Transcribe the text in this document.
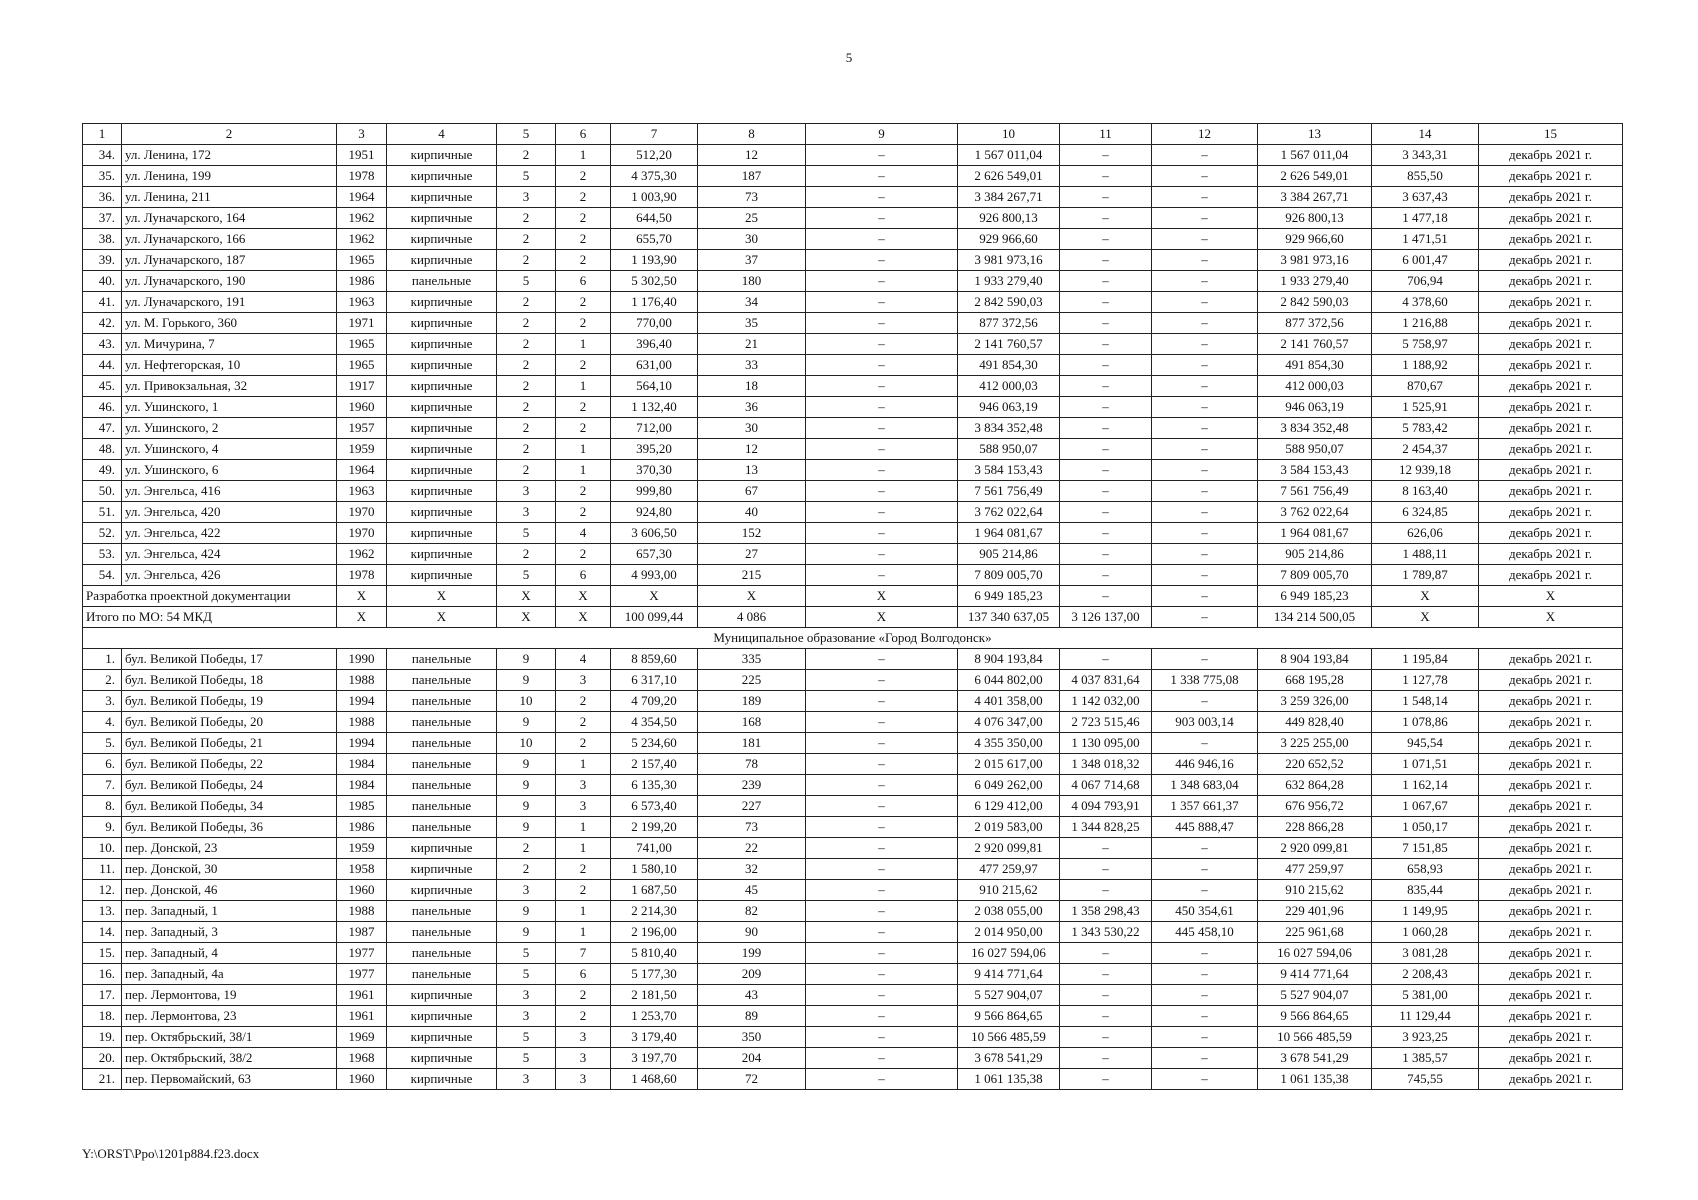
5
1	2	3	4	5	6	7	8	9	10	11	12	13	14	15
34.	ул. Ленина, 172	1951	кирпичные	2	1	512,20	12	–	1 567 011,04	–	–	1 567 011,04	3 343,31	декабрь 2021 г.
35.	ул. Ленина, 199	1978	кирпичные	5	2	4 375,30	187	–	2 626 549,01	–	–	2 626 549,01	855,50	декабрь 2021 г.
36.	ул. Ленина, 211	1964	кирпичные	3	2	1 003,90	73	–	3 384 267,71	–	–	3 384 267,71	3 637,43	декабрь 2021 г.
37.	ул. Луначарского, 164	1962	кирпичные	2	2	644,50	25	–	926 800,13	–	–	926 800,13	1 477,18	декабрь 2021 г.
38.	ул. Луначарского, 166	1962	кирпичные	2	2	655,70	30	–	929 966,60	–	–	929 966,60	1 471,51	декабрь 2021 г.
39.	ул. Луначарского, 187	1965	кирпичные	2	2	1 193,90	37	–	3 981 973,16	–	–	3 981 973,16	6 001,47	декабрь 2021 г.
40.	ул. Луначарского, 190	1986	панельные	5	6	5 302,50	180	–	1 933 279,40	–	–	1 933 279,40	706,94	декабрь 2021 г.
41.	ул. Луначарского, 191	1963	кирпичные	2	2	1 176,40	34	–	2 842 590,03	–	–	2 842 590,03	4 378,60	декабрь 2021 г.
42.	ул. М. Горького, 360	1971	кирпичные	2	2	770,00	35	–	877 372,56	–	–	877 372,56	1 216,88	декабрь 2021 г.
43.	ул. Мичурина, 7	1965	кирпичные	2	1	396,40	21	–	2 141 760,57	–	–	2 141 760,57	5 758,97	декабрь 2021 г.
44.	ул. Нефтегорская, 10	1965	кирпичные	2	2	631,00	33	–	491 854,30	–	–	491 854,30	1 188,92	декабрь 2021 г.
45.	ул. Привокзальная, 32	1917	кирпичные	2	1	564,10	18	–	412 000,03	–	–	412 000,03	870,67	декабрь 2021 г.
46.	ул. Ушинского, 1	1960	кирпичные	2	2	1 132,40	36	–	946 063,19	–	–	946 063,19	1 525,91	декабрь 2021 г.
47.	ул. Ушинского, 2	1957	кирпичные	2	2	712,00	30	–	3 834 352,48	–	–	3 834 352,48	5 783,42	декабрь 2021 г.
48.	ул. Ушинского, 4	1959	кирпичные	2	1	395,20	12	–	588 950,07	–	–	588 950,07	2 454,37	декабрь 2021 г.
49.	ул. Ушинского, 6	1964	кирпичные	2	1	370,30	13	–	3 584 153,43	–	–	3 584 153,43	12 939,18	декабрь 2021 г.
50.	ул. Энгельса, 416	1963	кирпичные	3	2	999,80	67	–	7 561 756,49	–	–	7 561 756,49	8 163,40	декабрь 2021 г.
51.	ул. Энгельса, 420	1970	кирпичные	3	2	924,80	40	–	3 762 022,64	–	–	3 762 022,64	6 324,85	декабрь 2021 г.
52.	ул. Энгельса, 422	1970	кирпичные	5	4	3 606,50	152	–	1 964 081,67	–	–	1 964 081,67	626,06	декабрь 2021 г.
53.	ул. Энгельса, 424	1962	кирпичные	2	2	657,30	27	–	905 214,86	–	–	905 214,86	1 488,11	декабрь 2021 г.
54.	ул. Энгельса, 426	1978	кирпичные	5	6	4 993,00	215	–	7 809 005,70	–	–	7 809 005,70	1 789,87	декабрь 2021 г.
Разработка проектной документации		X	X	X	X	X	X	X	6 949 185,23	–	–	6 949 185,23	X	X
Итого по МО: 54 МКД		X	X	X	X	100 099,44	4 086	X	137 340 637,05	3 126 137,00	–	134 214 500,05	X	X
Муниципальное образование «Город Волгодонск»														
1.	бул. Великой Победы, 17	1990	панельные	9	4	8 859,60	335	–	8 904 193,84	–	–	8 904 193,84	1 195,84	декабрь 2021 г.
2.	бул. Великой Победы, 18	1988	панельные	9	3	6 317,10	225	–	6 044 802,00	4 037 831,64	1 338 775,08	668 195,28	1 127,78	декабрь 2021 г.
3.	бул. Великой Победы, 19	1994	панельные	10	2	4 709,20	189	–	4 401 358,00	1 142 032,00	–	3 259 326,00	1 548,14	декабрь 2021 г.
4.	бул. Великой Победы, 20	1988	панельные	9	2	4 354,50	168	–	4 076 347,00	2 723 515,46	903 003,14	449 828,40	1 078,86	декабрь 2021 г.
5.	бул. Великой Победы, 21	1994	панельные	10	2	5 234,60	181	–	4 355 350,00	1 130 095,00	–	3 225 255,00	945,54	декабрь 2021 г.
6.	бул. Великой Победы, 22	1984	панельные	9	1	2 157,40	78	–	2 015 617,00	1 348 018,32	446 946,16	220 652,52	1 071,51	декабрь 2021 г.
7.	бул. Великой Победы, 24	1984	панельные	9	3	6 135,30	239	–	6 049 262,00	4 067 714,68	1 348 683,04	632 864,28	1 162,14	декабрь 2021 г.
8.	бул. Великой Победы, 34	1985	панельные	9	3	6 573,40	227	–	6 129 412,00	4 094 793,91	1 357 661,37	676 956,72	1 067,67	декабрь 2021 г.
9.	бул. Великой Победы, 36	1986	панельные	9	1	2 199,20	73	–	2 019 583,00	1 344 828,25	445 888,47	228 866,28	1 050,17	декабрь 2021 г.
10.	пер. Донской, 23	1959	кирпичные	2	1	741,00	22	–	2 920 099,81	–	–	2 920 099,81	7 151,85	декабрь 2021 г.
11.	пер. Донской, 30	1958	кирпичные	2	2	1 580,10	32	–	477 259,97	–	–	477 259,97	658,93	декабрь 2021 г.
12.	пер. Донской, 46	1960	кирпичные	3	2	1 687,50	45	–	910 215,62	–	–	910 215,62	835,44	декабрь 2021 г.
13.	пер. Западный, 1	1988	панельные	9	1	2 214,30	82	–	2 038 055,00	1 358 298,43	450 354,61	229 401,96	1 149,95	декабрь 2021 г.
14.	пер. Западный, 3	1987	панельные	9	1	2 196,00	90	–	2 014 950,00	1 343 530,22	445 458,10	225 961,68	1 060,28	декабрь 2021 г.
15.	пер. Западный, 4	1977	панельные	5	7	5 810,40	199	–	16 027 594,06	–	–	16 027 594,06	3 081,28	декабрь 2021 г.
16.	пер. Западный, 4а	1977	панельные	5	6	5 177,30	209	–	9 414 771,64	–	–	9 414 771,64	2 208,43	декабрь 2021 г.
17.	пер. Лермонтова, 19	1961	кирпичные	3	2	2 181,50	43	–	5 527 904,07	–	–	5 527 904,07	5 381,00	декабрь 2021 г.
18.	пер. Лермонтова, 23	1961	кирпичные	3	2	1 253,70	89	–	9 566 864,65	–	–	9 566 864,65	11 129,44	декабрь 2021 г.
19.	пер. Октябрьский, 38/1	1969	кирпичные	5	3	3 179,40	350	–	10 566 485,59	–	–	10 566 485,59	3 923,25	декабрь 2021 г.
20.	пер. Октябрьский, 38/2	1968	кирпичные	5	3	3 197,70	204	–	3 678 541,29	–	–	3 678 541,29	1 385,57	декабрь 2021 г.
21.	пер. Первомайский, 63	1960	кирпичные	3	3	1 468,60	72	–	1 061 135,38	–	–	1 061 135,38	745,55	декабрь 2021 г.
Y:\ORST\Ppo\1201p884.f23.docx
